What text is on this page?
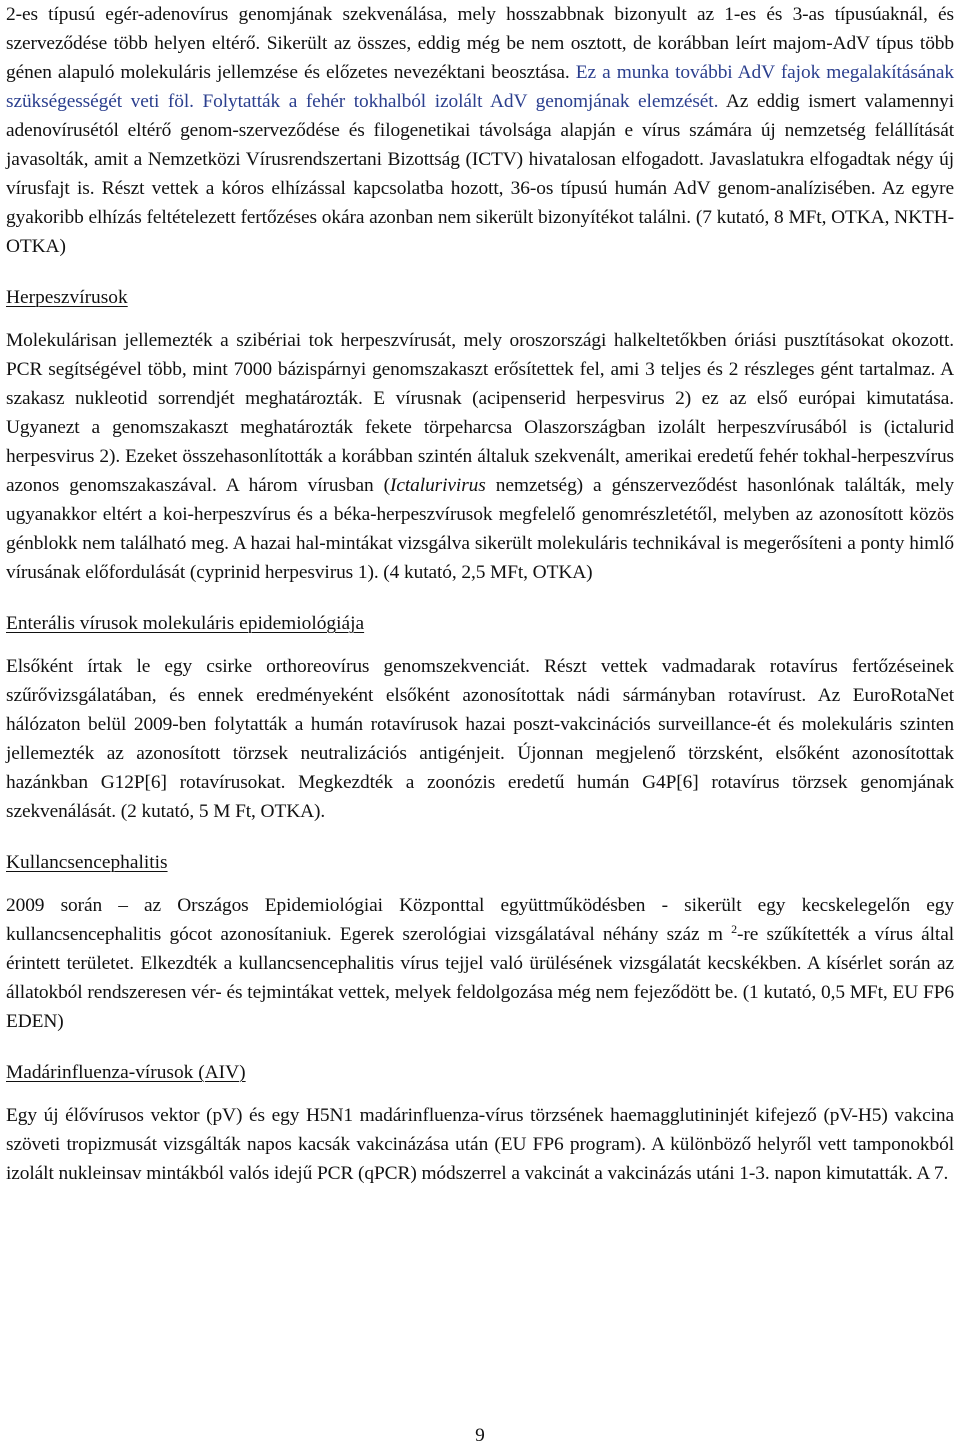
2-es típusú egér-adenovírus genomjának szekvenálása, mely hosszabbnak bizonyult az 1-es és 3-as típusúaknál, és szerveződése több helyen eltérő. Sikerült az összes, eddig még be nem osztott, de korábban leírt majom-AdV típus több génen alapuló molekuláris jellemzése és előzetes nevezéktani beosztása. Ez a munka további AdV fajok megalakításának szükségességét veti föl. Folytatták a fehér tokhalból izolált AdV genomjának elemzését. Az eddig ismert valamennyi adenovírusétól eltérő genom-szerveződése és filogenetikai távolsága alapján e vírus számára új nemzetség felállítását javasolták, amit a Nemzetközi Vírusrendszertani Bizottság (ICTV) hivatalosan elfogadott. Javaslatukra elfogadtak négy új vírusfajt is. Részt vettek a kóros elhízással kapcsolatba hozott, 36-os típusú humán AdV genom-analízisében. Az egyre gyakoribb elhízás feltételezett fertőzéses okára azonban nem sikerült bizonyítékot találni. (7 kutató, 8 MFt, OTKA, NKTH-OTKA)

Herpeszvírusok

Molekulárisan jellemezték a szibériai tok herpeszvírusát, mely oroszországi halkeltetőkben óriási pusztításokat okozott. PCR segítségével több, mint 7000 bázispárnyi genomszakaszt erősítettek fel, ami 3 teljes és 2 részleges gént tartalmaz. A szakasz nukleotid sorrendjét meghatározták. E vírusnak (acipenserid herpesvirus 2) ez az első európai kimutatása. Ugyanezt a genomszakaszt meghatározták fekete törpeharcsa Olaszországban izolált herpeszvírusából is (ictalurid herpesvirus 2). Ezeket összehasonlították a korábban szintén általuk szekvenált, amerikai eredetű fehér tokhal-herpeszvírus azonos genomszakaszával. A három vírusban (Ictalurivirus nemzetség) a génszerveződést hasonlónak találták, mely ugyanakkor eltért a koi-herpeszvírus és a béka-herpeszvírusok megfelelő genomrészletétől, melyben az azonosított közös génblokk nem található meg. A hazai hal-mintákat vizsgálva sikerült molekuláris technikával is megerősíteni a ponty himlő vírusának előfordulását (cyprinid herpesvirus 1). (4 kutató, 2,5 MFt, OTKA)

Enterális vírusok molekuláris epidemiológiája

Elsőként írtak le egy csirke orthoreovírus genomszekvenciát. Részt vettek vadmadarak rotavírus fertőzéseinek szűrővizsgálatában, és ennek eredményeként elsőként azonosítottak nádi sármányban rotavírust. Az EuroRotaNet hálózaton belül 2009-ben folytatták a humán rotavírusok hazai poszt-vakcinációs surveillance-ét és molekuláris szinten jellemezték az azonosított törzsek neutralizációs antigénjeit. Újonnan megjelenő törzsként, elsőként azonosítottak hazánkban G12P[6] rotavírusokat. Megkezdték a zoonózis eredetű humán G4P[6] rotavírus törzsek genomjának szekvenálását. (2 kutató, 5 M Ft, OTKA).

Kullancsencephalitis

2009 során – az Országos Epidemiológiai Központtal együttműködésben - sikerült egy kecskelegelőn egy kullancsencephalitis gócot azonosítaniuk. Egerek szerológiai vizsgálatával néhány száz m $^2$-re szűkítették a vírus által érintett területet. Elkezdték a kullancsencephalitis vírus tejjel való ürülésének vizsgálatát kecskékben. A kísérlet során az állatokból rendszeresen vér- és tejmintákat vettek, melyek feldolgozása még nem fejeződött be. (1 kutató, 0,5 MFt, EU FP6 EDEN)

Madárinfluenza-vírusok (AIV)

Egy új élővírusos vektor (pV) és egy H5N1 madárinfluenza-vírus törzsének haemagglutininjét kifejező (pV-H5) vakcina szöveti tropizmusát vizsgálták napos kacsák vakcinázása után (EU FP6 program). A különböző helyről vett tamponokból izolált nukleinsav mintákból valós idejű PCR (qPCR) módszerrel a vakcinát a vakcinázás utáni 1-3. napon kimutatták. A 7.

9
